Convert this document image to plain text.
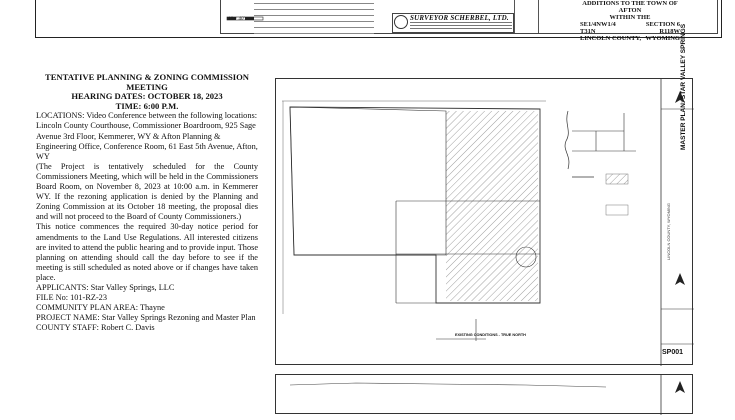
1" = 40'	SURVEYOR SCHERBEL, LTD.
ADDITIONS TO THE TOWN OF AFTON
WITHIN THE
SE1/4NW1/4	SECTION 6
T31N	R118W
LINCOLN COUNTY, WYOMING

TENTATIVE PLANNING & ZONING COMMISSION

MEETING

HEARING DATES: OCTOBER 18, 2023

TIME: 6:00 P.M.

LOCATIONS: Video Conference between the following locations:

Lincoln County Courthouse, Commissioner Boardroom, 925 Sage Avenue 3rd Floor, Kemmerer, WY & Afton Planning & Engineering Office, Conference Room, 61 East 5th Avenue, Afton, WY

(The Project is tentatively scheduled for the County Commissioners Meeting, which will be held in the Commissioners Board Room, on November 8, 2023 at 10:00 a.m. in Kemmerer WY. If the rezoning application is denied by the Planning and Zoning Commission at its October 18 meeting, the proposal dies and will not proceed to the Board of County Commissioners.)

This notice commences the required 30-day notice period for amendments to the Land Use Regulations. All interested citizens are invited to attend the public hearing and to provide input. Those planning on attending should call the day before to see if the meeting is still scheduled as noted above or if changes have taken place.

APPLICANTS: Star Valley Springs, LLC

FILE No: 101-RZ-23

COMMUNITY PLAN AREA: Thayne

PROJECT NAME: Star Valley Springs Rezoning and Master Plan

COUNTY STAFF: Robert C. Davis

MASTER PLAN: STAR VALLEY SPRINGS
LINCOLN COUNTY, WYOMING
EXISTING CONDITIONS - TRUE NORTH
SP001
